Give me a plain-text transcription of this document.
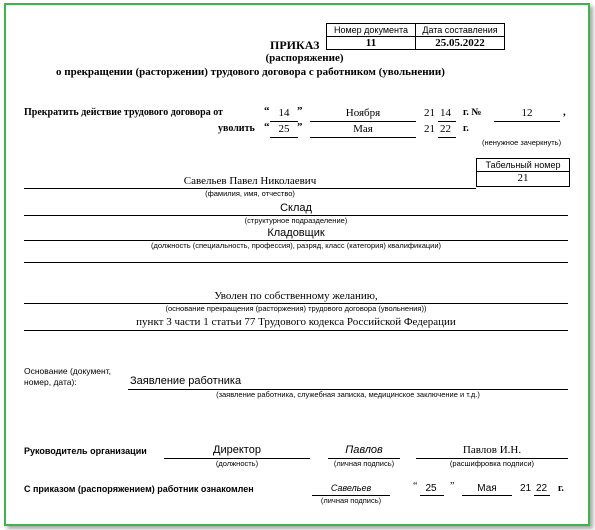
Номер документа	Дата составления
11	25.05.2022
ПРИКАЗ
(распоряжение)
о прекращении (расторжении) трудового договора с работником (увольнении)
Прекратить действие трудового договора от	“ 14 ”	Ноября	21 14 г. №	12	,
уволить “ 25 ”	Мая	21 22 г.
(ненужное зачеркнуть)
Табельный номер
21
Савельев Павел Николаевич
(фамилия, имя, отчество)
Склад
(структурное подразделение)
Кладовщик
(должность (специальность, профессия), разряд, класс (категория) квалификации)
Уволен по собственному желанию,
(основание прекращения (расторжения) трудового договора (увольнения))
пункт 3 части 1 статьи 77 Трудового кодекса Российской Федерации
Основание (документ,
номер, дата):	Заявление работника
(заявление работника, служебная записка, медицинское заключение и т.д.)
Руководитель организации	Директор
(должность)
Павлов
(личная подпись)
Павлов И.Н.
(расшифровка подписи)
С приказом (распоряжением) работник ознакомлен	Савельев
(личная подпись)
“ 25	”	Мая	21 22 г.
